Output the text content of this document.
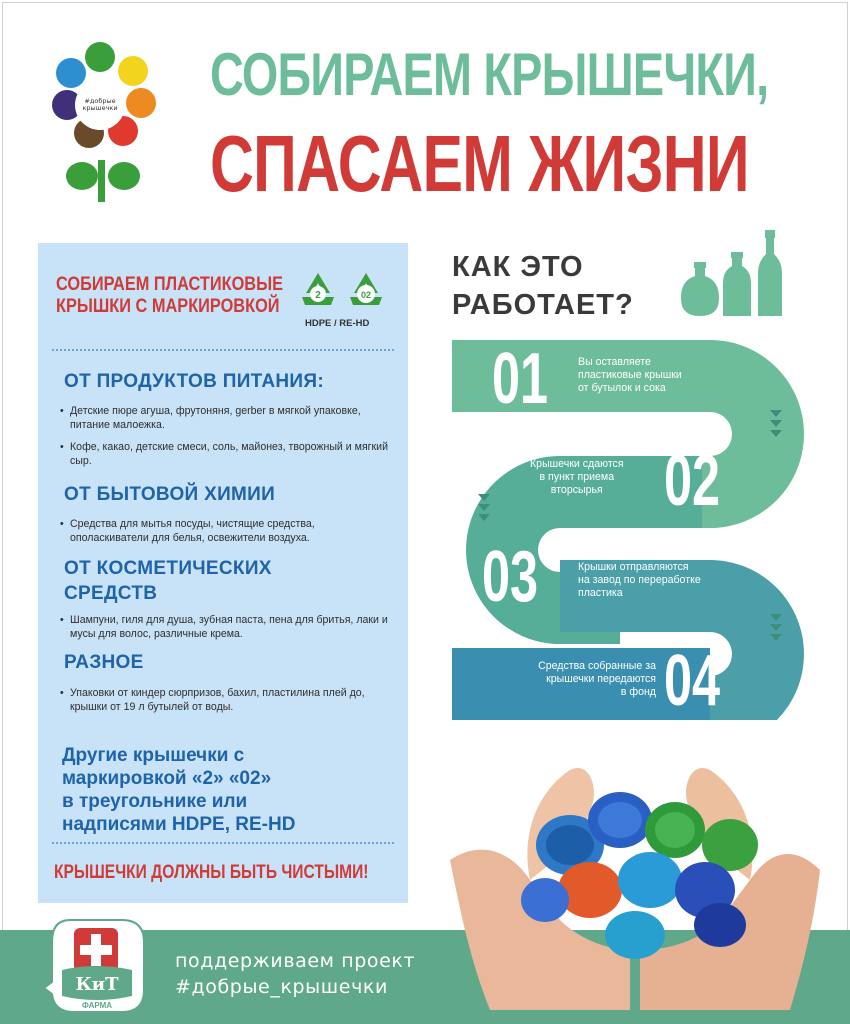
#добрые крышечки СОБИРАЕМ КРЫШЕЧКИ,
СПАСАЕМ ЖИЗНИ
СОБИРАЕМ ПЛАСТИКОВЫЕ
КРЫШКИ С МАРКИРОВКОЙ
2	02
HDPE / RE-HD
ОТ ПРОДУКТОВ ПИТАНИЯ:
• Детские пюре агуша, фрутоняня, gerber в мягкой упаковке, питание малоежка.
• Кофе, какао, детские смеси, соль, майонез, творожный и мягкий сыр.
ОТ БЫТОВОЙ ХИМИИ
• Средства для мытья посуды, чистящие средства, ополаскиватели для белья, освежители воздуха.
ОТ КОСМЕТИЧЕСКИХ
СРЕДСТВ
• Шампуни, гиля для душа, зубная паста, пена для бритья, лаки и мусы для волос, различные крема.
РАЗНОЕ
• Упаковки от киндер сюрпризов, бахил, пластилина плей до, крышки от 19 л бутылей от воды.
Другие крышечки с
маркировкой «2» «02»
в треугольнике или
надписями HDPE, RE-HD
КРЫШЕЧКИ ДОЛЖНЫ БЫТЬ ЧИСТЫМИ!
КАК ЭТО
РАБОТАЕТ?
01	Вы оставляете
пластиковые крышки
от бутылок и сока
02
Крышечки сдаются
в пункт приема
вторсырья
03	Крышки отправляются
на завод по переработке
пластика
04
Средства собранные за
крышечки передаются
в фонд
поддерживаем проект
#добрые_крышечки
КиТ
ФАРМА
